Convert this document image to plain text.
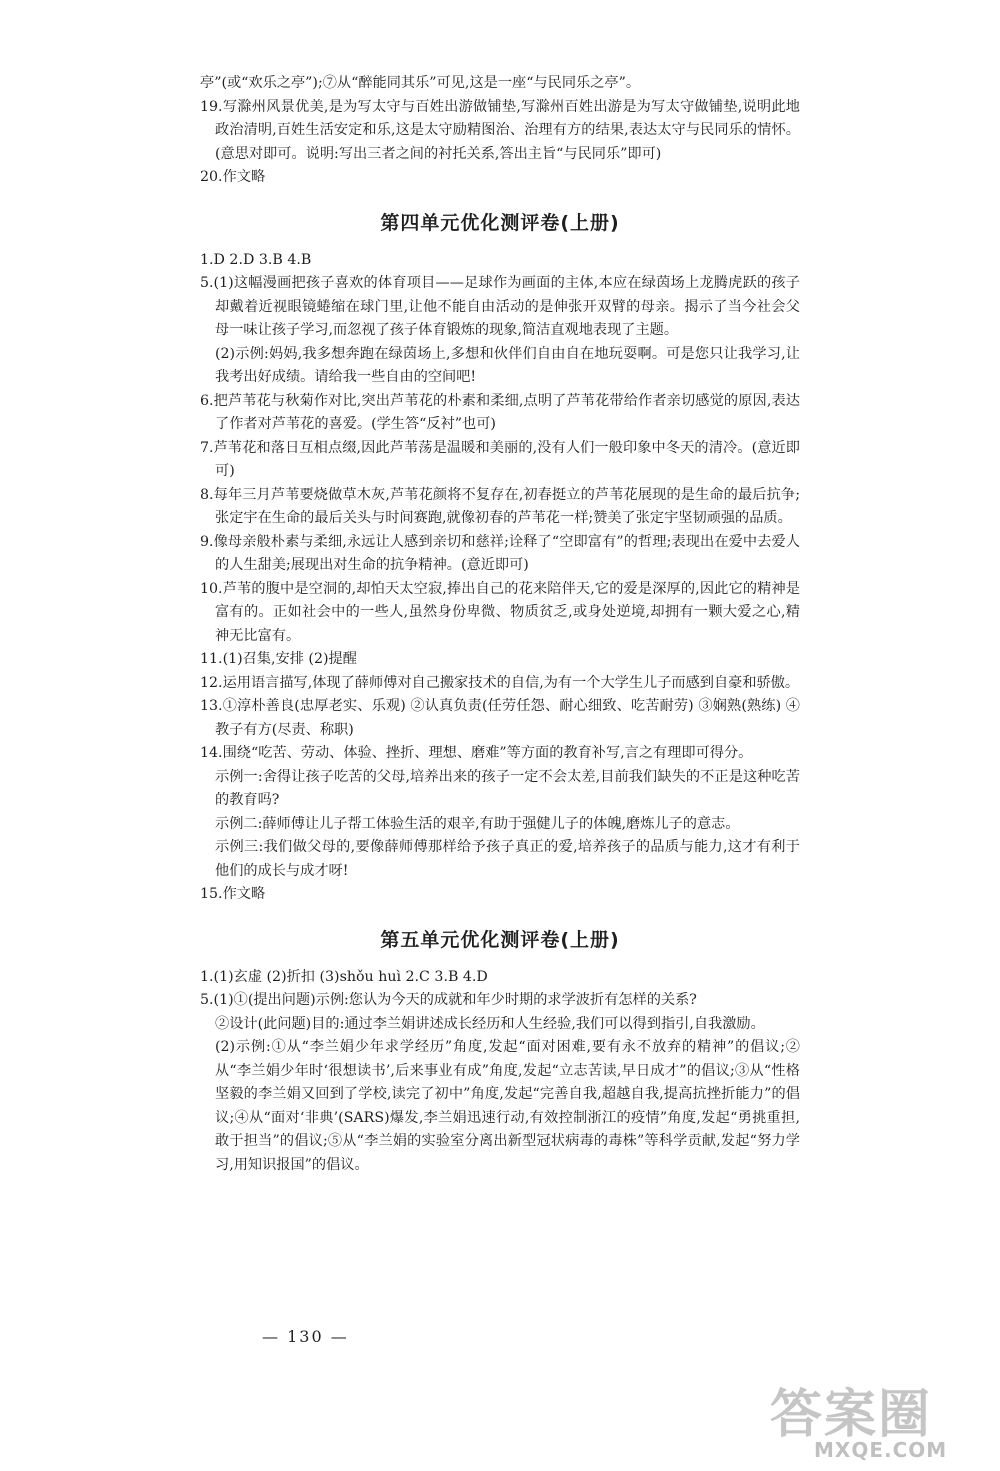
亭”(或“欢乐之亭”);⑦从“醉能同其乐”可见,这是一座“与民同乐之亭”。

19.写滁州风景优美,是为写太守与百姓出游做铺垫,写滁州百姓出游是为写太守做铺垫,说明此地政治清明,百姓生活安定和乐,这是太守励精图治、治理有方的结果,表达太守与民同乐的情怀。(意思对即可。说明:写出三者之间的衬托关系,答出主旨“与民同乐”即可)

20.作文略

第四单元优化测评卷(上册)

1.D 2.D 3.B 4.B

5.(1)这幅漫画把孩子喜欢的体育项目——足球作为画面的主体,本应在绿茵场上龙腾虎跃的孩子却戴着近视眼镜蜷缩在球门里,让他不能自由活动的是伸张开双臂的母亲。揭示了当今社会父母一味让孩子学习,而忽视了孩子体育锻炼的现象,简洁直观地表现了主题。

(2)示例:妈妈,我多想奔跑在绿茵场上,多想和伙伴们自由自在地玩耍啊。可是您只让我学习,让我考出好成绩。请给我一些自由的空间吧!

6.把芦苇花与秋菊作对比,突出芦苇花的朴素和柔细,点明了芦苇花带给作者亲切感觉的原因,表达了作者对芦苇花的喜爱。(学生答“反衬”也可)

7.芦苇花和落日互相点缀,因此芦苇荡是温暖和美丽的,没有人们一般印象中冬天的清冷。(意近即可)

8.每年三月芦苇要烧做草木灰,芦苇花颜将不复存在,初春挺立的芦苇花展现的是生命的最后抗争;张定宇在生命的最后关头与时间赛跑,就像初春的芦苇花一样;赞美了张定宇坚韧顽强的品质。

9.像母亲般朴素与柔细,永远让人感到亲切和慈祥;诠释了“空即富有”的哲理;表现出在爱中去爱人的人生甜美;展现出对生命的抗争精神。(意近即可)

10.芦苇的腹中是空洞的,却怕天太空寂,捧出自己的花来陪伴天,它的爱是深厚的,因此它的精神是富有的。正如社会中的一些人,虽然身份卑微、物质贫乏,或身处逆境,却拥有一颗大爱之心,精神无比富有。

11.(1)召集,安排 (2)提醒

12.运用语言描写,体现了薛师傅对自己搬家技术的自信,为有一个大学生儿子而感到自豪和骄傲。

13.①淳朴善良(忠厚老实、乐观) ②认真负责(任劳任怨、耐心细致、吃苦耐劳) ③娴熟(熟练) ④教子有方(尽责、称职)

14.围绕“吃苦、劳动、体验、挫折、理想、磨难”等方面的教育补写,言之有理即可得分。

示例一:舍得让孩子吃苦的父母,培养出来的孩子一定不会太差,目前我们缺失的不正是这种吃苦的教育吗?

示例二:薛师傅让儿子帮工体验生活的艰辛,有助于强健儿子的体魄,磨炼儿子的意志。

示例三:我们做父母的,要像薛师傅那样给予孩子真正的爱,培养孩子的品质与能力,这才有利于他们的成长与成才呀!

15.作文略

第五单元优化测评卷(上册)

1.(1)玄虚 (2)折扣 (3)shǒu huì 2.C 3.B 4.D

5.(1)①(提出问题)示例:您认为今天的成就和年少时期的求学波折有怎样的关系?

②设计(此问题)目的:通过李兰娟讲述成长经历和人生经验,我们可以得到指引,自我激励。

(2)示例:①从“李兰娟少年求学经历”角度,发起“面对困难,要有永不放弃的精神”的倡议;②从“李兰娟少年时‘很想读书’,后来事业有成”角度,发起“立志苦读,早日成才”的倡议;③从“性格坚毅的李兰娟又回到了学校,读完了初中”角度,发起“完善自我,超越自我,提高抗挫折能力”的倡议;④从“面对‘非典’(SARS)爆发,李兰娟迅速行动,有效控制浙江的疫情”角度,发起“勇挑重担,敢于担当”的倡议;⑤从“李兰娟的实验室分离出新型冠状病毒的毒株”等科学贡献,发起“努力学习,用知识报国”的倡议。

— 130 —
答案圈
MXQE.COM
